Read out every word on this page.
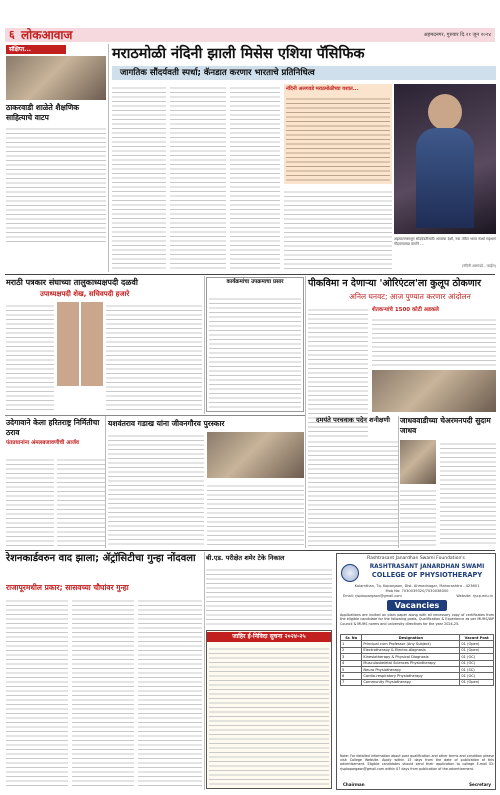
६ लोकआवाज	अहमदनगर, गुरुवार दि.२१ जून २०२४
संक्षिप्त...
ठाकरवाडी शाळेते शैक्षणिक साहित्याचे वाटप
मराठमोळी नंदिनी झाली मिसेस एशिया पॅसिफिक
जागतिक सौंदर्यवती स्पर्धा; कॅनडात करणार भारताचे प्रतिनिधित्व
नंदिनी अलगवडे मराठमोळीच्या यशात...
अहमदनगरमधुन सोंदर्यवतीसाठी आपल्या देशी, नवा तंत्रीत भारत स्पर्धा सहभाग नोंदवण्याच्या मार्गाने ...
(नंदिनी अलगवडे - फाईल)
मराठी पत्रकार संघाच्या तालुकाध्यक्षपदी दळवी
उपाध्यक्षपदी शेख, सचिवपदी हजारे
कार्यक्रमांचा उपक्रमाचा प्रसार	पीकविमा न देणाऱ्या 'ओरिएंटल'ला कुलूप ठोकणार
अनिल घनवट; आज पुण्यात करणार आंदोलन
शेतकऱ्यांचे 1500 कोटी अडकले
उदेगावाने केला हरितराष्ट्र निर्मितीचा ठराव
पंतप्रधानांना अंमलबजावणीची आर्जव
यशवंतराव गडाख यांना जीवनगौरव पुरस्कार	दमयंते परचवाक पदेन शनीक्षणी	जाधववाडीच्या चेअरमनपदी सुदाम जाधव
रेशनकार्डवरुन वाद झाला; ॲट्रॉसिटीचा गुन्हा नोंदवला
राजापूरमधील प्रकार; सासवच्या चौघांवर गुन्हा
बी.एड. परीक्षेत शमेर टेके निकाल
जाहिर ई-निविदा सुचना २०२४-२५
Rashtrasant Janardhan Swami Foundation's
RASHTRASANT JANARDHAN SWAMI
COLLEGE OF PHYSIOTHERAPY
Kalamthan, Tq. Kopargaon, Dist. Ahmednagar, Maharashtra - 423601
Mob No: 7030039320/7030038000
Email: rjspkopargaon@gmail.com	Website: rjscp.edu.in
Vacancies
Applications are invited on plain paper along with all necessary copy of certificates from the eligible candidate for the following posts, Qualification & Experience as per MUHS/IAP Council & MUHS norms and university directives for the year 2024-25.
Sr. No	Designation	Vacant Post
1	Principal cum Professor (Any Subject)	01 (Open)
2	Electrotherapy & Electro-diagnosis	01 (Open)
3	Kinesiotherapy & Physical Diagnosis	01 (OC)
4	Musculoskeletal Sciences Physiotherapy	01 (OC)
5	Neuro Physiotherapy	01 (SC)
6	Cardio-respiratory Physiotherapy	01 (OC)
7	Community Physiotherapy	01 (Open)
Note: For detailed information about post qualification and other terms and condition please visit College Website. Apply within 15 days from the date of publication of this advertisement. Eligible candidates should send their application to college E-mail ID: rjspkopargaon@gmail.com within 07 days from publication of the advertisement.
Chairman	Secretary
